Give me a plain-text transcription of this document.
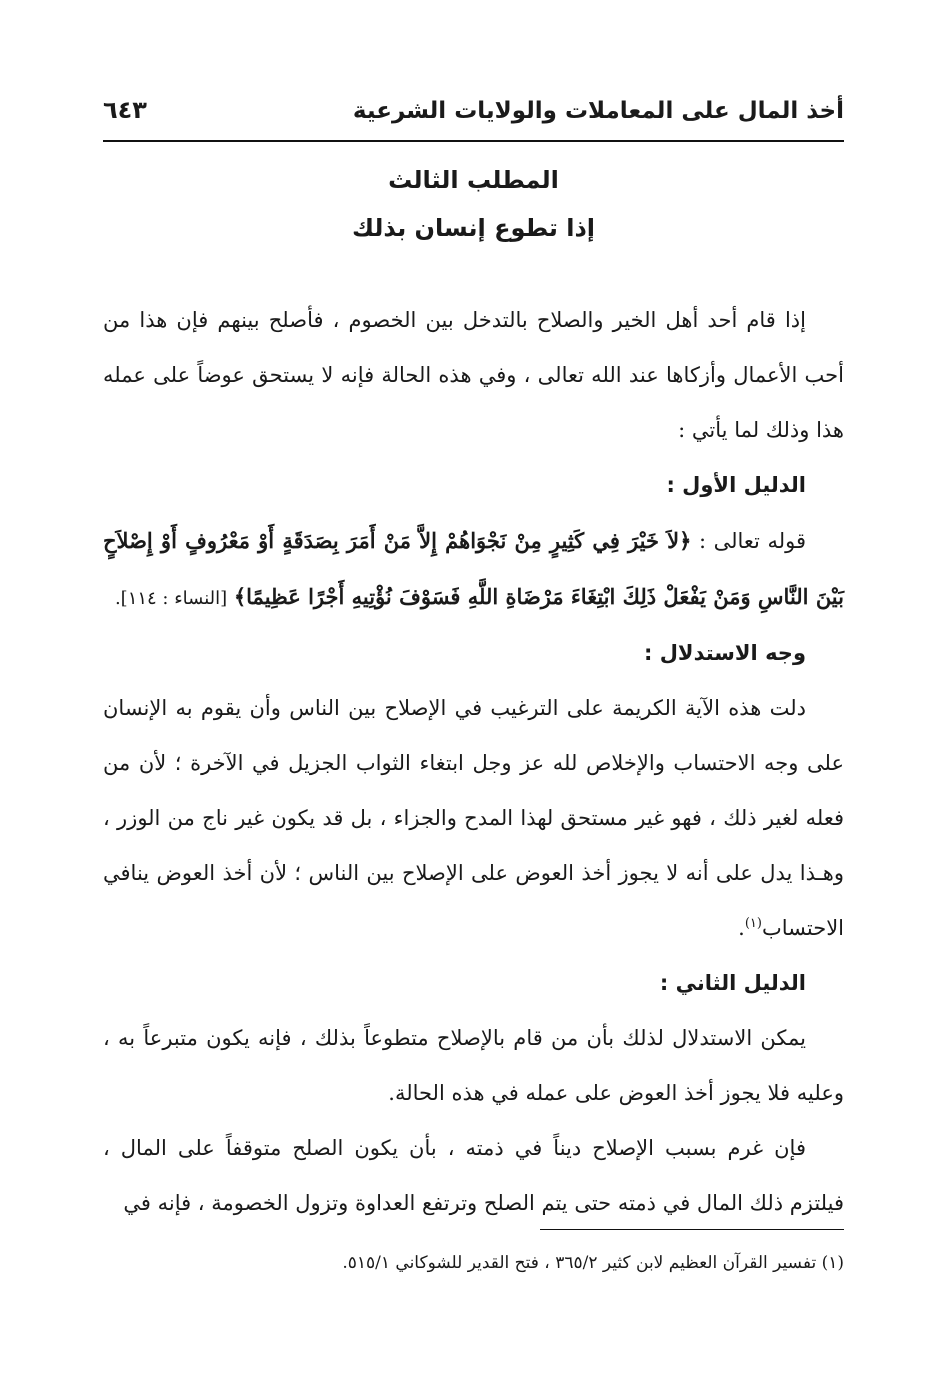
أخذ المال على المعاملات والولايات الشرعية
٦٤٣
المطلب الثالث
إذا تطوع إنسان بذلك

إذا قام أحد أهل الخير والصلاح بالتدخل بين الخصوم ، فأصلح بينهم فإن هذا من أحب الأعمال وأزكاها عند الله تعالى ، وفي هذه الحالة فإنه لا يستحق عوضاً على عمله هذا وذلك لما يأتي :

الدليل الأول :

قوله تعالى : ﴿لاَ خَيْرَ فِي كَثِيرٍ مِنْ نَجْوَاهُمْ إِلاَّ مَنْ أَمَرَ بِصَدَقَةٍ أَوْ مَعْرُوفٍ أَوْ إِصْلاَحٍ بَيْنَ النَّاسِ وَمَنْ يَفْعَلْ ذَلِكَ ابْتِغَاءَ مَرْضَاةِ اللَّهِ فَسَوْفَ نُؤْتِيهِ أَجْرًا عَظِيمًا﴾ [النساء : ١١٤].

وجه الاستدلال :

دلت هذه الآية الكريمة على الترغيب في الإصلاح بين الناس وأن يقوم به الإنسان على وجه الاحتساب والإخلاص لله عز وجل ابتغاء الثواب الجزيل في الآخرة ؛ لأن من فعله لغير ذلك ، فهو غير مستحق لهذا المدح والجزاء ، بل قد يكون غير ناج من الوزر ، وهـذا يدل على أنه لا يجوز أخذ العوض على الإصلاح بين الناس ؛ لأن أخذ العوض ينافي الاحتساب$^{(١)}$.

الدليل الثاني :

يمكن الاستدلال لذلك بأن من قام بالإصلاح متطوعاً بذلك ، فإنه يكون متبرعاً به ، وعليه فلا يجوز أخذ العوض على عمله في هذه الحالة.

فإن غرم بسبب الإصلاح ديناً في ذمته ، بأن يكون الصلح متوقفاً على المال ، فيلتزم ذلك المال في ذمته حتى يتم الصلح وترتفع العداوة وتزول الخصومة ، فإنه في

(١) تفسير القرآن العظيم لابن كثير ٣٦٥/٢ ، فتح القدير للشوكاني ٥١٥/١.
